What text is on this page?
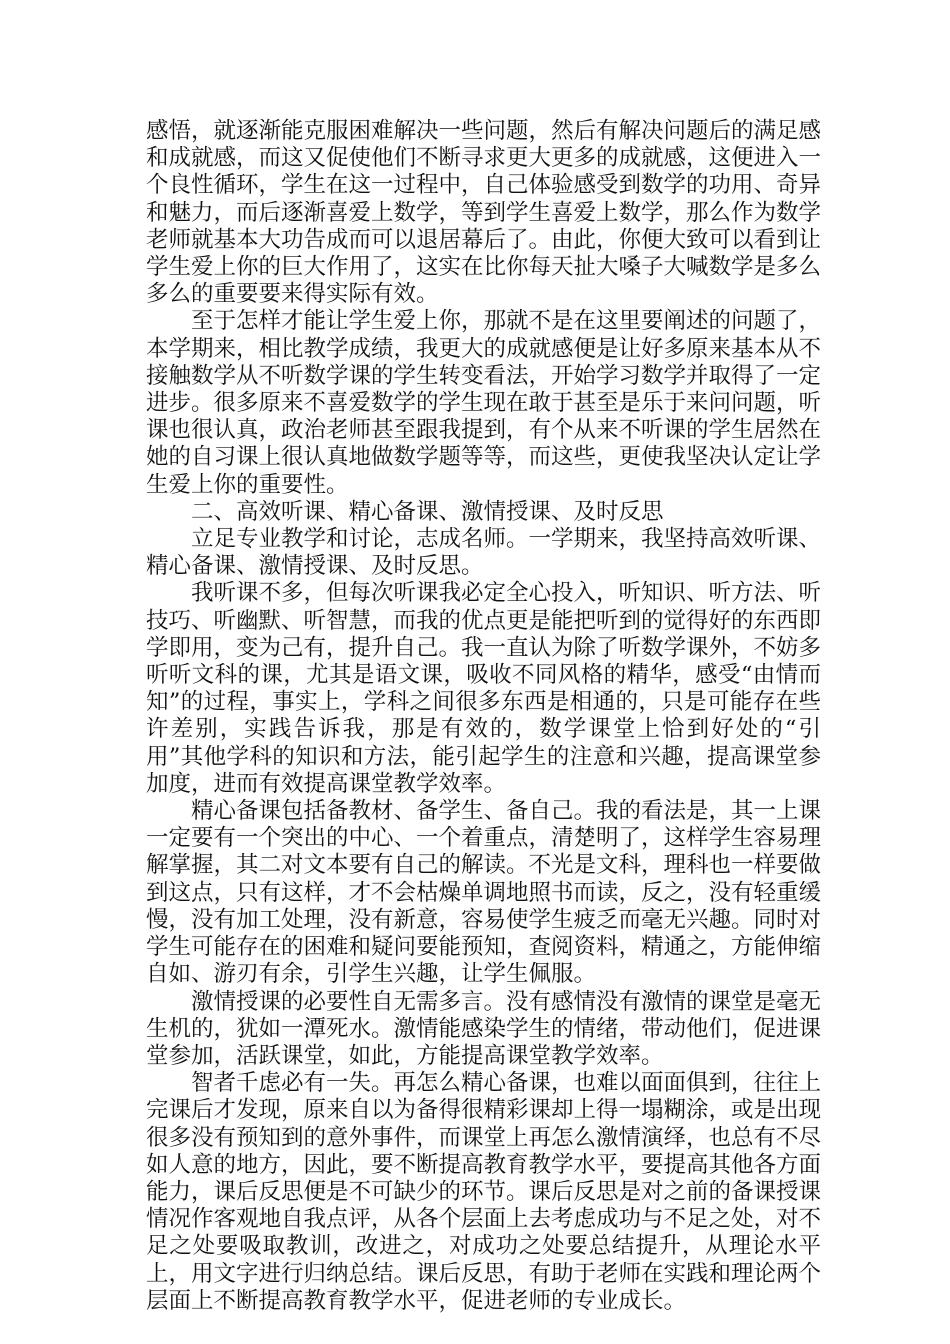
感悟，就逐渐能克服困难解决一些问题，然后有解决问题后的满足感和成就感，而这又促使他们不断寻求更大更多的成就感，这便进入一个良性循环，学生在这一过程中，自己体验感受到数学的功用、奇异和魅力，而后逐渐喜爱上数学，等到学生喜爱上数学，那么作为数学老师就基本大功告成而可以退居幕后了。由此，你便大致可以看到让学生爱上你的巨大作用了，这实在比你每天扯大嗓子大喊数学是多么多么的重要要来得实际有效。

至于怎样才能让学生爱上你，那就不是在这里要阐述的问题了，本学期来，相比教学成绩，我更大的成就感便是让好多原来基本从不接触数学从不听数学课的学生转变看法，开始学习数学并取得了一定进步。很多原来不喜爱数学的学生现在敢于甚至是乐于来问问题，听课也很认真，政治老师甚至跟我提到，有个从来不听课的学生居然在她的自习课上很认真地做数学题等等，而这些，更使我坚决认定让学生爱上你的重要性。

二、高效听课、精心备课、激情授课、及时反思

立足专业教学和讨论，志成名师。一学期来，我坚持高效听课、精心备课、激情授课、及时反思。

我听课不多，但每次听课我必定全心投入，听知识、听方法、听技巧、听幽默、听智慧，而我的优点更是能把听到的觉得好的东西即学即用，变为己有，提升自己。我一直认为除了听数学课外，不妨多听听文科的课，尤其是语文课，吸收不同风格的精华，感受“由情而知”的过程，事实上，学科之间很多东西是相通的，只是可能存在些许差别，实践告诉我，那是有效的，数学课堂上恰到好处的“引用”其他学科的知识和方法，能引起学生的注意和兴趣，提高课堂参加度，进而有效提高课堂教学效率。

精心备课包括备教材、备学生、备自己。我的看法是，其一上课一定要有一个突出的中心、一个着重点，清楚明了，这样学生容易理解掌握，其二对文本要有自己的解读。不光是文科，理科也一样要做到这点，只有这样，才不会枯燥单调地照书而读，反之，没有轻重缓慢，没有加工处理，没有新意，容易使学生疲乏而毫无兴趣。同时对学生可能存在的困难和疑问要能预知，查阅资料，精通之，方能伸缩自如、游刃有余，引学生兴趣，让学生佩服。

激情授课的必要性自无需多言。没有感情没有激情的课堂是毫无生机的，犹如一潭死水。激情能感染学生的情绪，带动他们，促进课堂参加，活跃课堂，如此，方能提高课堂教学效率。

智者千虑必有一失。再怎么精心备课，也难以面面俱到，往往上完课后才发现，原来自以为备得很精彩课却上得一塌糊涂，或是出现很多没有预知到的意外事件，而课堂上再怎么激情演绎，也总有不尽如人意的地方，因此，要不断提高教育教学水平，要提高其他各方面能力，课后反思便是不可缺少的环节。课后反思是对之前的备课授课情况作客观地自我点评，从各个层面上去考虑成功与不足之处，对不足之处要吸取教训，改进之，对成功之处要总结提升，从理论水平上，用文字进行归纳总结。课后反思，有助于老师在实践和理论两个层面上不断提高教育教学水平，促进老师的专业成长。
